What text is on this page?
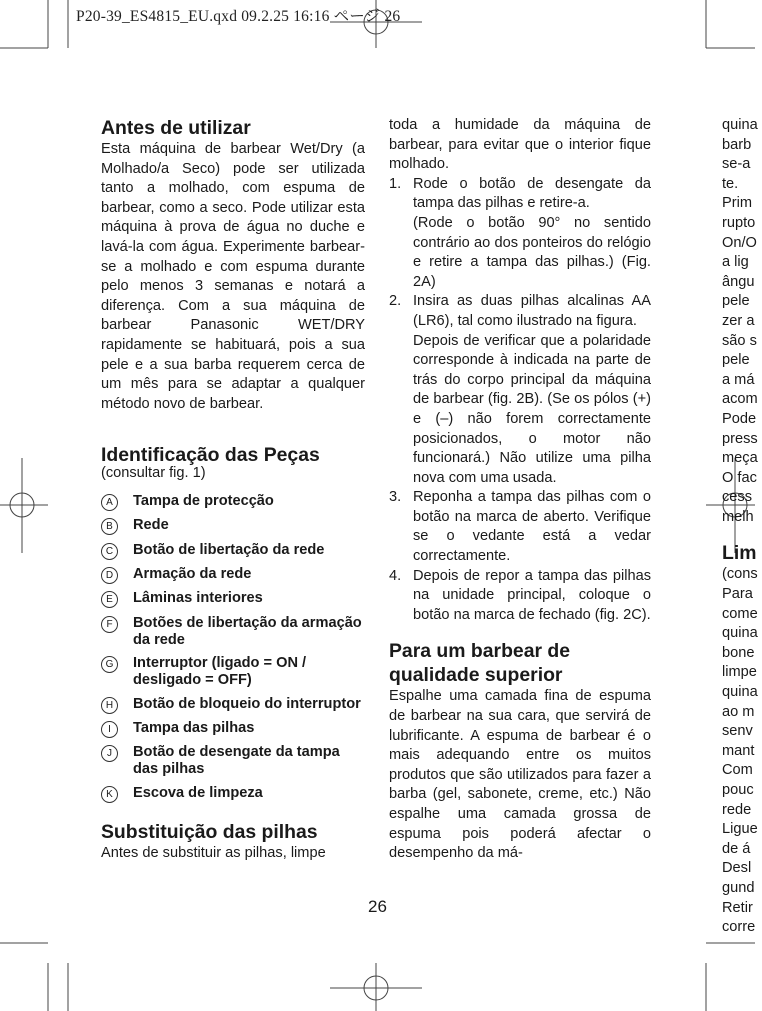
P20-39_ES4815_EU.qxd 09.2.25 16:16 ページ 26
Antes de utilizar

Esta máquina de barbear Wet/Dry (a Molhado/a Seco) pode ser utilizada tanto a molhado, com espuma de barbear, como a seco. Pode utilizar esta máquina à prova de água no duche e lavá-la com água. Experimente barbear-se a molhado e com espuma durante pelo menos 3 semanas e notará a diferença. Com a sua máquina de barbear Panasonic WET/DRY rapidamente se habituará, pois a sua pele e a sua barba requerem cerca de um mês para se adaptar a qualquer método novo de barbear.

Identificação das Peças

(consultar fig. 1)

A	Tampa de protecção
B	Rede
C	Botão de libertação da rede
D	Armação da rede
E	Lâminas interiores
F	Botões de libertação da armação da rede
G	Interruptor (ligado = ON / desligado = OFF)
H	Botão de bloqueio do interruptor
I	Tampa das pilhas
J	Botão de desengate da tampa das pilhas
K	Escova de limpeza
Substituição das pilhas

Antes de substituir as pilhas, limpe

toda a humidade da máquina de barbear, para evitar que o interior fique molhado.

1. Rode o botão de desengate da tampa das pilhas e retire-a.

(Rode o botão 90° no sentido contrário ao dos ponteiros do relógio e retire a tampa das pilhas.) (Fig. 2A)

2. Insira as duas pilhas alcalinas AA (LR6), tal como ilustrado na figura.

Depois de verificar que a polaridade corresponde à indicada na parte de trás do corpo principal da máquina de barbear (fig. 2B). (Se os pólos (+) e (–) não forem correctamente posicionados, o motor não funcionará.) Não utilize uma pilha nova com uma usada.

3. Reponha a tampa das pilhas com o botão na marca de aberto. Verifique se o vedante está a vedar correctamente.

4. Depois de repor a tampa das pilhas na unidade principal, coloque o botão na marca de fechado (fig. 2C).

Para um barbear de qualidade superior

Espalhe uma camada fina de espuma de barbear na sua cara, que servirá de lubrificante. A espuma de barbear é o mais adequando entre os muitos produtos que são utilizados para fazer a barba (gel, sabonete, creme, etc.) Não espalhe uma camada grossa de espuma pois poderá afectar o desempenho da má-

quina
barb
se-a
te.
Prim
rupto
On/O
a lig
ângu
pele
zer a
são s
pele
a má
acom
Pode
press
meça
O fac
cess
melh
Lim
(cons
Para
come
quina
bone
limpe
quina
ao m
senv
mant
Com
pouc
rede
Ligue
de á
Desl
gund
Retir
corre
26
